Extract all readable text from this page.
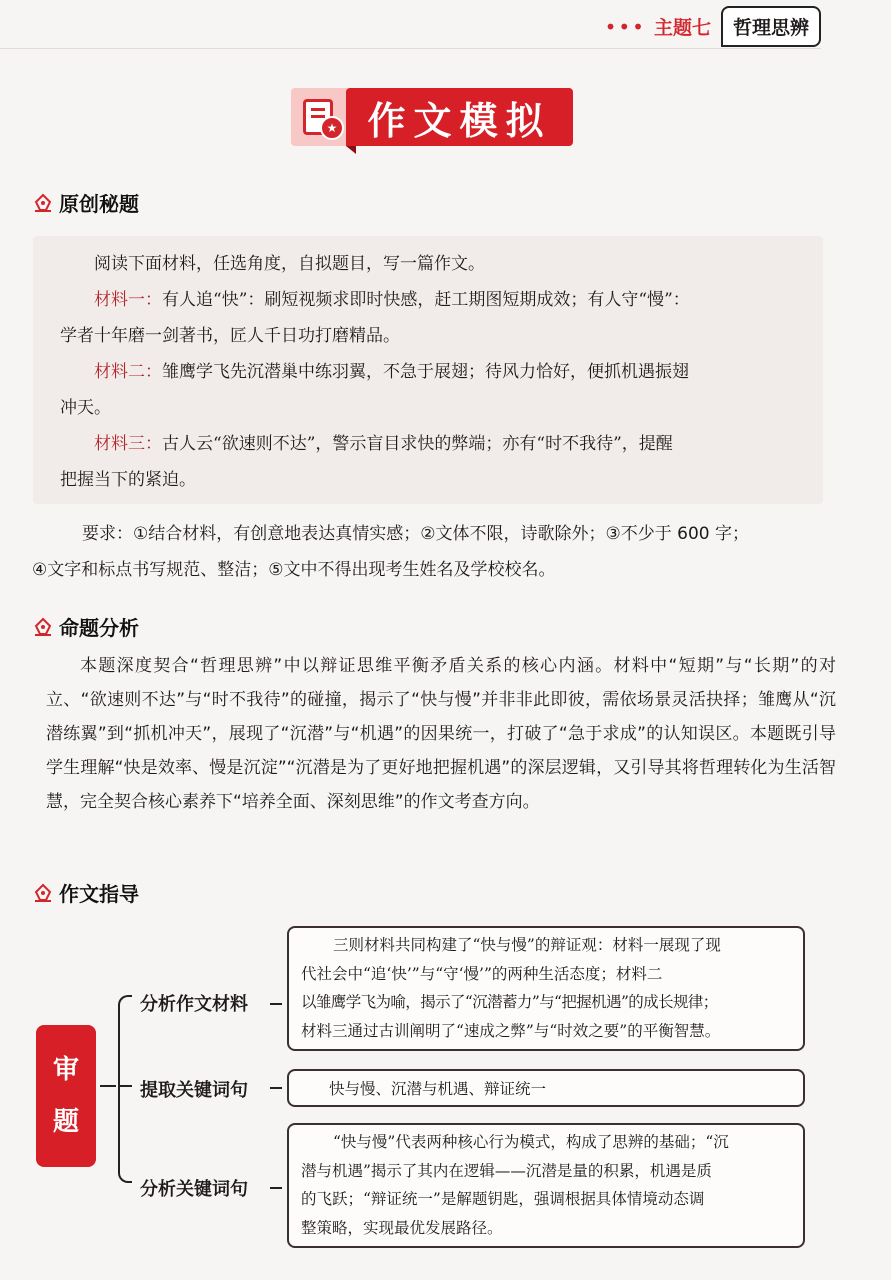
••• 主题七	哲理思辨
★ 作文模拟
原创秘题

阅读下面材料，任选角度，自拟题目，写一篇作文。

材料一：有人追“快”：刷短视频求即时快感，赶工期图短期成效；有人守“慢”：

学者十年磨一剑著书，匠人千日功打磨精品。

材料二：雏鹰学飞先沉潜巢中练羽翼，不急于展翅；待风力恰好，便抓机遇振翅

冲天。

材料三：古人云“欲速则不达”，警示盲目求快的弊端；亦有“时不我待”，提醒

把握当下的紧迫。

要求：①结合材料，有创意地表达真情实感；②文体不限，诗歌除外；③不少于 600 字；

④文字和标点书写规范、整洁；⑤文中不得出现考生姓名及学校校名。

命题分析
本题深度契合“哲理思辨”中以辩证思维平衡矛盾关系的核心内涵。材料中“短期”与“长期”的对立、“欲速则不达”与“时不我待”的碰撞，揭示了“快与慢”并非非此即彼，需依场景灵活抉择；雏鹰从“沉潜练翼”到“抓机冲天”，展现了“沉潜”与“机遇”的因果统一，打破了“急于求成”的认知误区。本题既引导学生理解“快是效率、慢是沉淀”“沉潜是为了更好地把握机遇”的深层逻辑，又引导其将哲理转化为生活智慧，完全契合核心素养下“培养全面、深刻思维”的作文考查方向。
作文指导
审
题
分析作文材料
三则材料共同构建了“快与慢”的辩证观：材料一展现了现
代社会中“追‘快’”与“守‘慢’”的两种生活态度；材料二
以雏鹰学飞为喻，揭示了“沉潜蓄力”与“把握机遇”的成长规律；
材料三通过古训阐明了“速成之弊”与“时效之要”的平衡智慧。
提取关键词句	快与慢、沉潜与机遇、辩证统一
分析关键词句
“快与慢”代表两种核心行为模式，构成了思辨的基础；“沉
潜与机遇”揭示了其内在逻辑——沉潜是量的积累，机遇是质
的飞跃；“辩证统一”是解题钥匙，强调根据具体情境动态调
整策略，实现最优发展路径。
